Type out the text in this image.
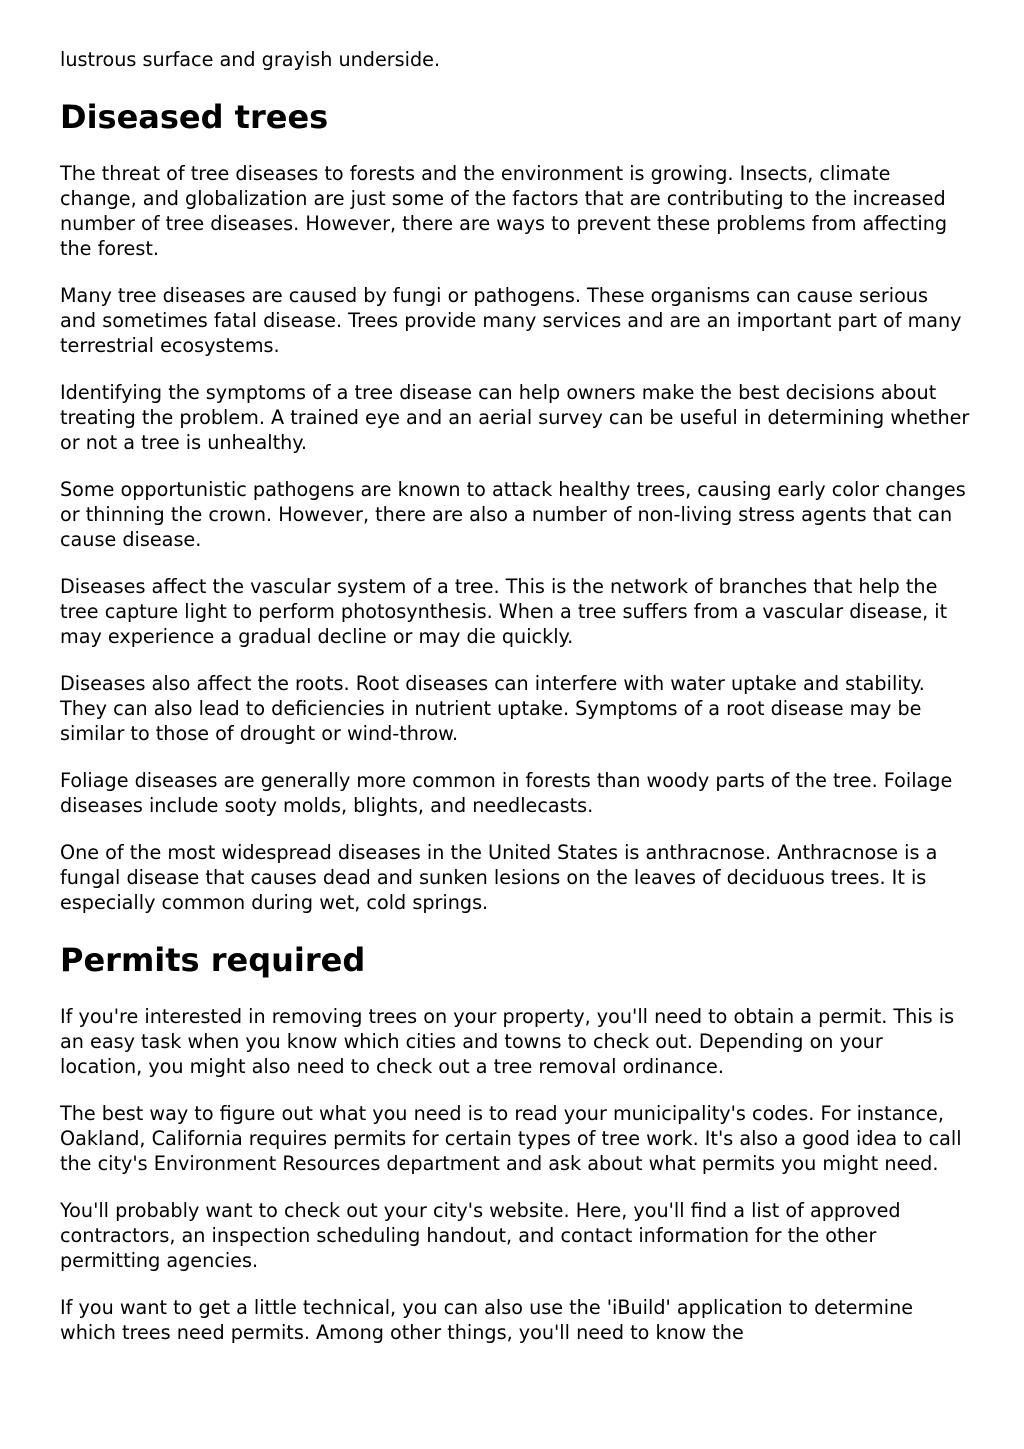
lustrous surface and grayish underside.

Diseased trees

The threat of tree diseases to forests and the environment is growing. Insects, climate change, and globalization are just some of the factors that are contributing to the increased number of tree diseases. However, there are ways to prevent these problems from affecting the forest.

Many tree diseases are caused by fungi or pathogens. These organisms can cause serious and sometimes fatal disease. Trees provide many services and are an important part of many terrestrial ecosystems.

Identifying the symptoms of a tree disease can help owners make the best decisions about treating the problem. A trained eye and an aerial survey can be useful in determining whether or not a tree is unhealthy.

Some opportunistic pathogens are known to attack healthy trees, causing early color changes or thinning the crown. However, there are also a number of non-living stress agents that can cause disease.

Diseases affect the vascular system of a tree. This is the network of branches that help the tree capture light to perform photosynthesis. When a tree suffers from a vascular disease, it may experience a gradual decline or may die quickly.

Diseases also affect the roots. Root diseases can interfere with water uptake and stability. They can also lead to deficiencies in nutrient uptake. Symptoms of a root disease may be similar to those of drought or wind-throw.

Foliage diseases are generally more common in forests than woody parts of the tree. Foilage diseases include sooty molds, blights, and needlecasts.

One of the most widespread diseases in the United States is anthracnose. Anthracnose is a fungal disease that causes dead and sunken lesions on the leaves of deciduous trees. It is especially common during wet, cold springs.

Permits required

If you're interested in removing trees on your property, you'll need to obtain a permit. This is an easy task when you know which cities and towns to check out. Depending on your location, you might also need to check out a tree removal ordinance.

The best way to figure out what you need is to read your municipality's codes. For instance, Oakland, California requires permits for certain types of tree work. It's also a good idea to call the city's Environment Resources department and ask about what permits you might need.

You'll probably want to check out your city's website. Here, you'll find a list of approved contractors, an inspection scheduling handout, and contact information for the other permitting agencies.

If you want to get a little technical, you can also use the 'iBuild' application to determine which trees need permits. Among other things, you'll need to know the
